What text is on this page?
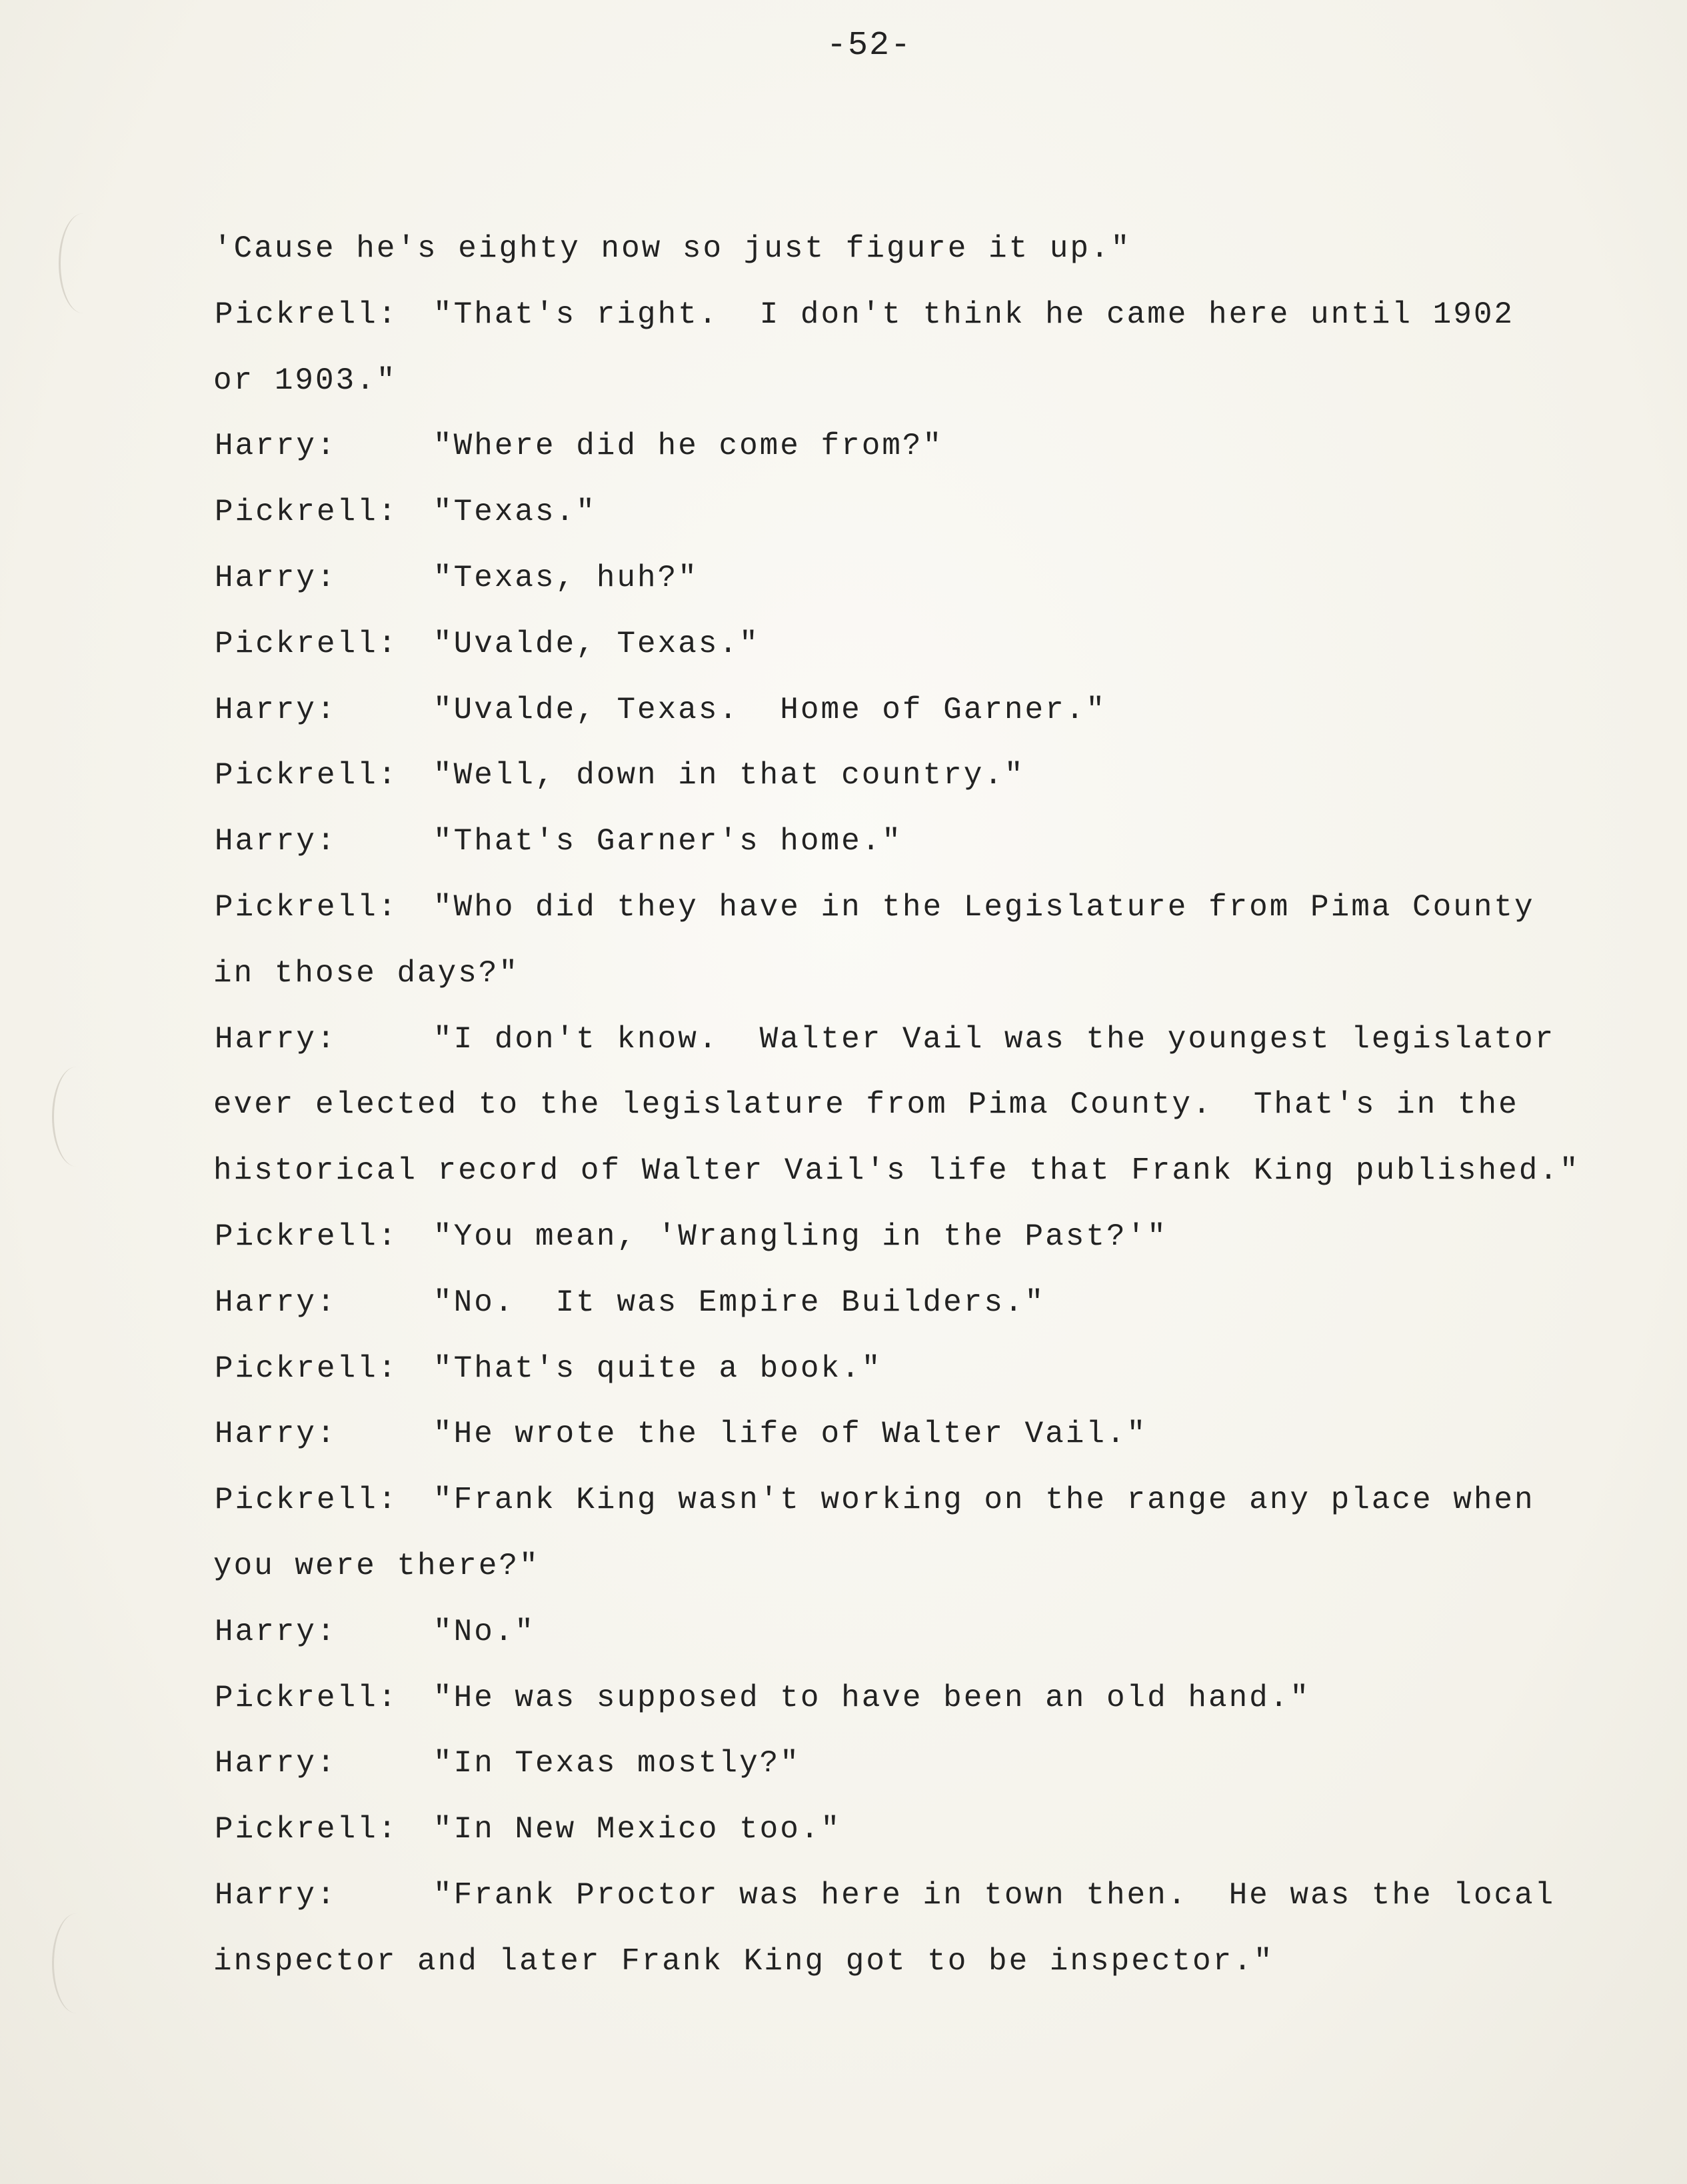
-52-
'Cause he's eighty now so just figure it up."
Pickrell: "That's right.  I don't think he came here until 1902
or 1903."
Harry:	"Where did he come from?"
Pickrell: "Texas."
Harry:	"Texas, huh?"
Pickrell: "Uvalde, Texas."
Harry:	"Uvalde, Texas.  Home of Garner."
Pickrell: "Well, down in that country."
Harry:	"That's Garner's home."
Pickrell: "Who did they have in the Legislature from Pima County
in those days?"
Harry:	"I don't know.  Walter Vail was the youngest legislator
ever elected to the legislature from Pima County.  That's in the
historical record of Walter Vail's life that Frank King published."
Pickrell: "You mean, 'Wrangling in the Past?'"
Harry:	"No.  It was Empire Builders."
Pickrell: "That's quite a book."
Harry:	"He wrote the life of Walter Vail."
Pickrell: "Frank King wasn't working on the range any place when
you were there?"
Harry:	"No."
Pickrell: "He was supposed to have been an old hand."
Harry:	"In Texas mostly?"
Pickrell: "In New Mexico too."
Harry:	"Frank Proctor was here in town then.  He was the local
inspector and later Frank King got to be inspector."
